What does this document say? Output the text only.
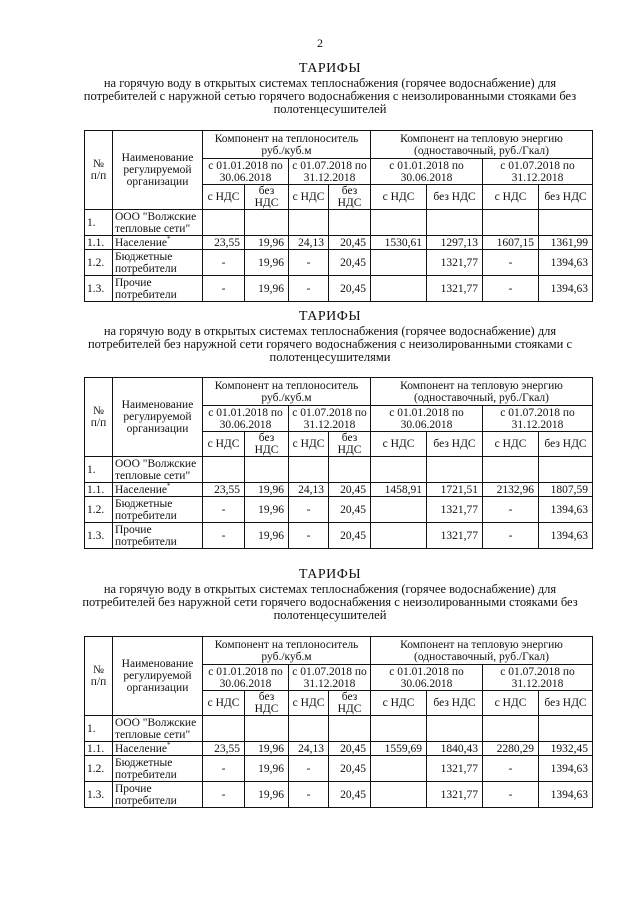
2
ТАРИФЫ
на горячую воду в открытых системах теплоснабжения (горячее водоснабжение) для потребителей с наружной сетью горячего водоснабжения с неизолированными стояками без полотенцесушителей
№ п/п	Наименование регулируемой организации	Компонент на теплоноситель руб./куб.м				Компонент на тепловую энергию (одноставочный, руб./Гкал)			
		с 01.01.2018 по 30.06.2018		с 01.07.2018 по 31.12.2018		с 01.01.2018 по 30.06.2018		с 01.07.2018 по 31.12.2018	
		с НДС	без НДС	с НДС	без НДС	с НДС	без НДС	с НДС	без НДС
1.	ООО "Волжские тепловые сети"								
1.1.	Население*	23,55	19,96	24,13	20,45	1530,61	1297,13	1607,15	1361,99
1.2.	Бюджетные потребители	-	19,96	-	20,45		1321,77	-	1394,63
1.3.	Прочие потребители	-	19,96	-	20,45		1321,77	-	1394,63
ТАРИФЫ
на горячую воду в открытых системах теплоснабжения (горячее водоснабжение) для потребителей без наружной сети горячего водоснабжения с неизолированными стояками с полотенцесушителями
№ п/п	Наименование регулируемой организации	Компонент на теплоноситель руб./куб.м				Компонент на тепловую энергию (одноставочный, руб./Гкал)			
		с 01.01.2018 по 30.06.2018		с 01.07.2018 по 31.12.2018		с 01.01.2018 по 30.06.2018		с 01.07.2018 по 31.12.2018	
		с НДС	без НДС	с НДС	без НДС	с НДС	без НДС	с НДС	без НДС
1.	ООО "Волжские тепловые сети"								
1.1.	Население*	23,55	19,96	24,13	20,45	1458,91	1721,51	2132,96	1807,59
1.2.	Бюджетные потребители	-	19,96	-	20,45		1321,77	-	1394,63
1.3.	Прочие потребители	-	19,96	-	20,45		1321,77	-	1394,63
ТАРИФЫ
на горячую воду в открытых системах теплоснабжения (горячее водоснабжение) для потребителей без наружной сети горячего водоснабжения с неизолированными стояками без полотенцесушителей
№ п/п	Наименование регулируемой организации	Компонент на теплоноситель руб./куб.м				Компонент на тепловую энергию (одноставочный, руб./Гкал)			
		с 01.01.2018 по 30.06.2018		с 01.07.2018 по 31.12.2018		с 01.01.2018 по 30.06.2018		с 01.07.2018 по 31.12.2018	
		с НДС	без НДС	с НДС	без НДС	с НДС	без НДС	с НДС	без НДС
1.	ООО "Волжские тепловые сети"								
1.1.	Население*	23,55	19,96	24,13	20,45	1559,69	1840,43	2280,29	1932,45
1.2.	Бюджетные потребители	-	19,96	-	20,45		1321,77	-	1394,63
1.3.	Прочие потребители	-	19,96	-	20,45		1321,77	-	1394,63
